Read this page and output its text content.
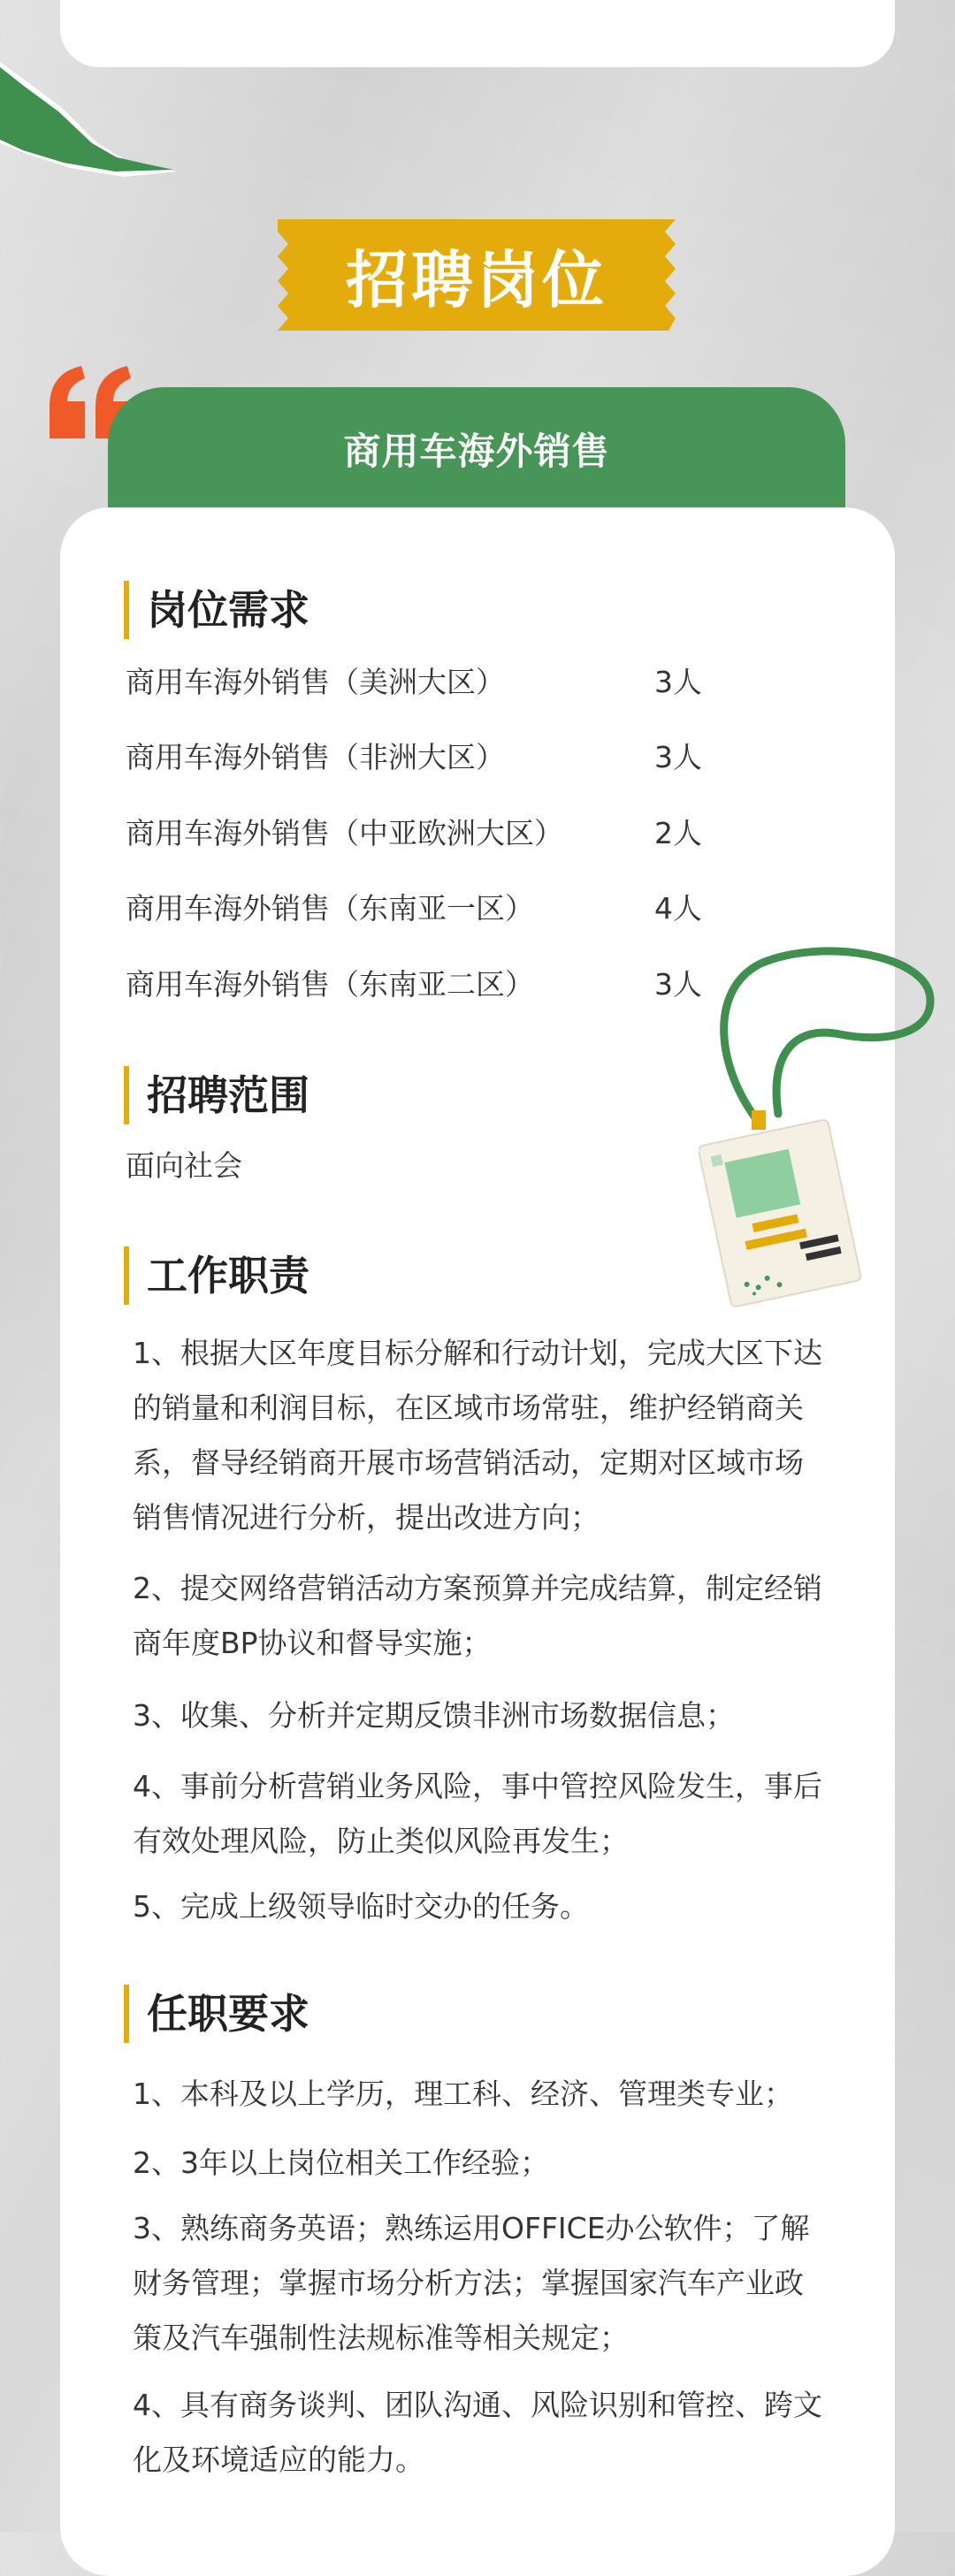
招聘岗位
商用车海外销售
岗位需求
商用车海外销售（美洲大区）	3人
商用车海外销售（非洲大区）	3人
商用车海外销售（中亚欧洲大区）	2人
商用车海外销售（东南亚一区）	4人
商用车海外销售（东南亚二区）	3人
招聘范围
面向社会
工作职责
1、根据大区年度目标分解和行动计划，完成大区下达的销量和利润目标，在区域市场常驻，维护经销商关系，督导经销商开展市场营销活动，定期对区域市场销售情况进行分析，提出改进方向；
2、提交网络营销活动方案预算并完成结算，制定经销商年度BP协议和督导实施；
3、收集、分析并定期反馈非洲市场数据信息；
4、事前分析营销业务风险，事中管控风险发生，事后有效处理风险，防止类似风险再发生；
5、完成上级领导临时交办的任务。
任职要求
1、本科及以上学历，理工科、经济、管理类专业；
2、3年以上岗位相关工作经验；
3、熟练商务英语；熟练运用OFFICE办公软件；了解财务管理；掌握市场分析方法；掌握国家汽车产业政策及汽车强制性法规标准等相关规定；
4、具有商务谈判、团队沟通、风险识别和管控、跨文化及环境适应的能力。
